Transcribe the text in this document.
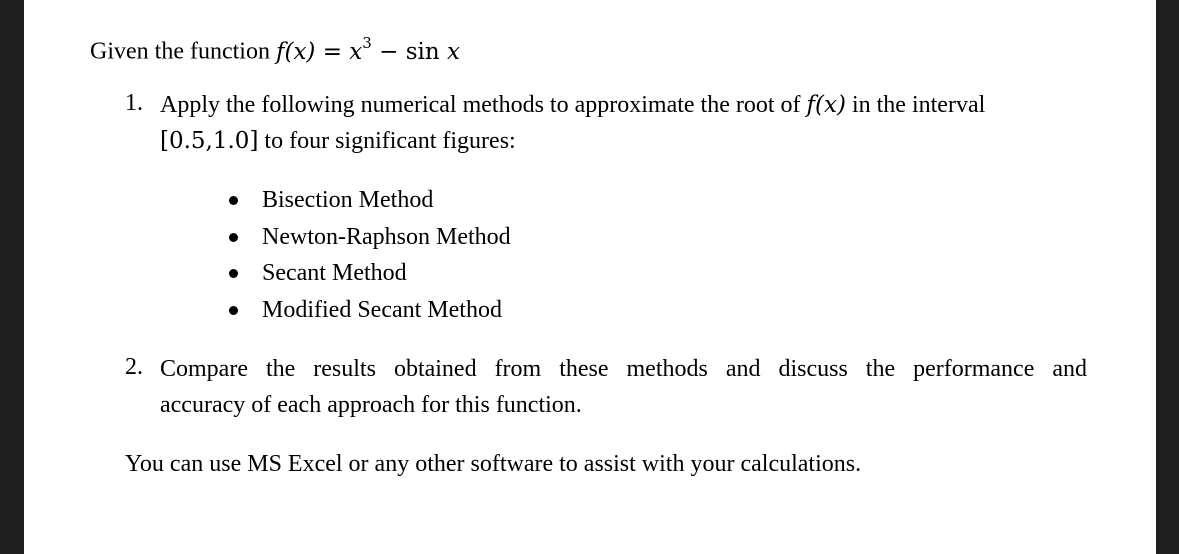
Given the function $f(x) = x^3 - \sin x$
1. Apply the following numerical methods to approximate the root of f(x) in the interval
[0.5,1.0] to four significant figures:
Bisection Method
Newton-Raphson Method
Secant Method
Modified Secant Method
2. Compare the results obtained from these methods and discuss the performance and
accuracy of each approach for this function.
You can use MS Excel or any other software to assist with your calculations.
